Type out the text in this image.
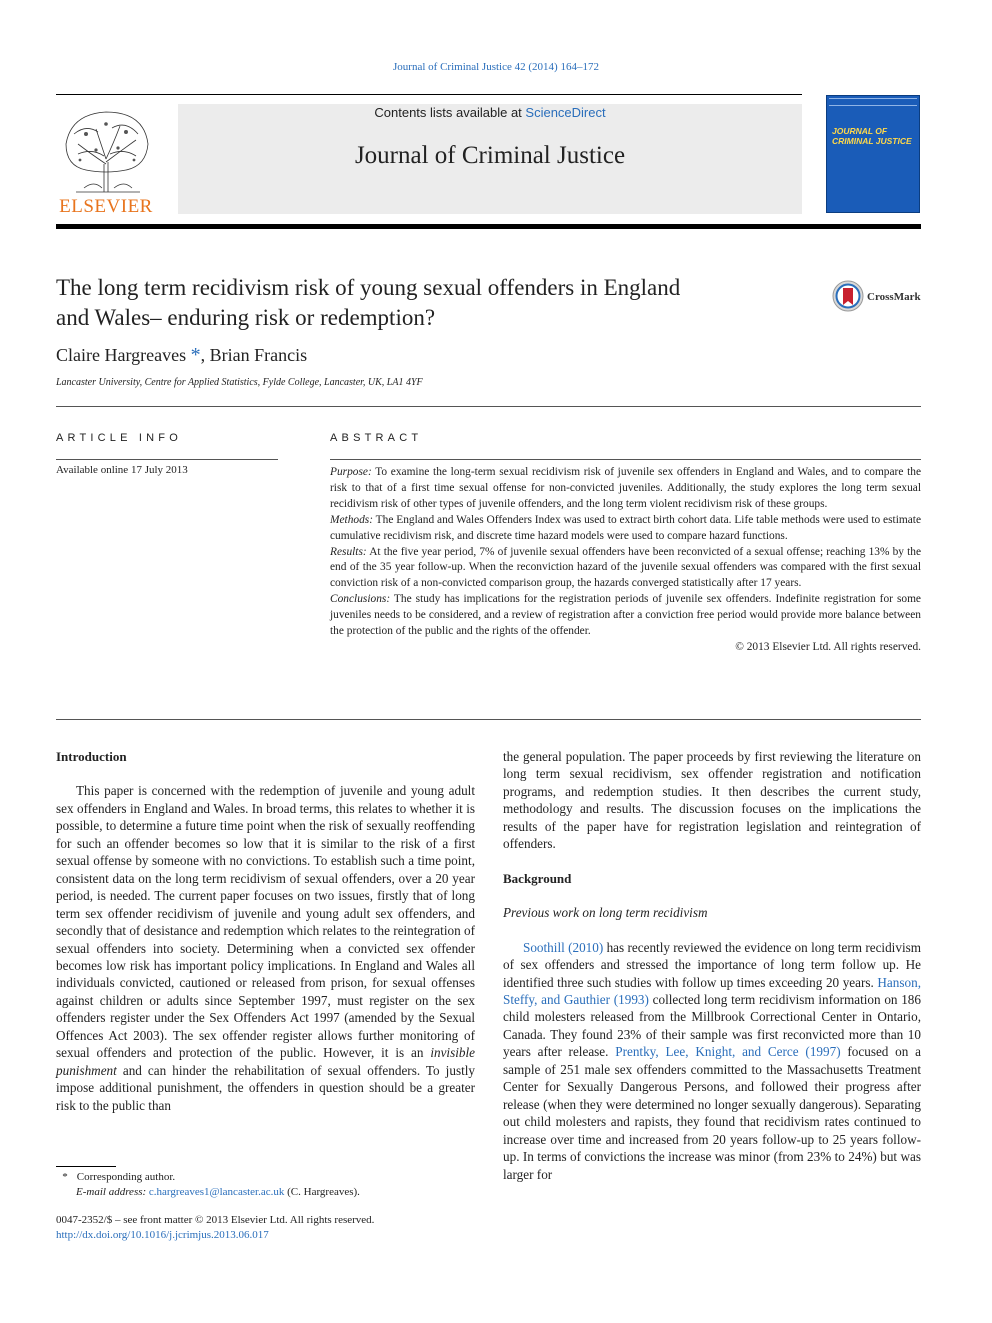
Journal of Criminal Justice 42 (2014) 164–172
ELSEVIER
Contents lists available at ScienceDirect
Journal of Criminal Justice
JOURNAL OF CRIMINAL JUSTICE
The long term recidivism risk of young sexual offenders in England
and Wales– enduring risk or redemption?
CrossMark
Claire Hargreaves *, Brian Francis
Lancaster University, Centre for Applied Statistics, Fylde College, Lancaster, UK, LA1 4YF
ARTICLE INFO	ABSTRACT
Available online 17 July 2013	Purpose: To examine the long-term sexual recidivism risk of juvenile sex offenders in England and Wales, and to compare the risk to that of a first time sexual offense for non-convicted juveniles. Additionally, the study explores the long term sexual recidivism risk of other types of juvenile offenders, and the long term violent recidivism risk of these groups.

Methods: The England and Wales Offenders Index was used to extract birth cohort data. Life table methods were used to estimate cumulative recidivism risk, and discrete time hazard models were used to compare hazard functions.

Results: At the five year period, 7% of juvenile sexual offenders have been reconvicted of a sexual offense; reaching 13% by the end of the 35 year follow-up. When the reconviction hazard of the juvenile sexual offenders was compared with the first sexual conviction risk of a non-convicted comparison group, the hazards converged statistically after 17 years.

Conclusions: The study has implications for the registration periods of juvenile sex offenders. Indefinite registration for some juveniles needs to be considered, and a review of registration after a conviction free period would provide more balance between the protection of the public and the rights of the offender.

© 2013 Elsevier Ltd. All rights reserved.

Introduction

This paper is concerned with the redemption of juvenile and young adult sex offenders in England and Wales. In broad terms, this relates to whether it is possible, to determine a future time point when the risk of sexually reoffending for such an offender becomes so low that it is similar to the risk of a first sexual offense by someone with no convictions. To establish such a time point, consistent data on the long term recidivism of sexual offenders, over a 20 year period, is needed. The current paper focuses on two issues, firstly that of long term sex offender recidivism of juvenile and young adult sex offenders, and secondly that of desistance and redemption which relates to the reintegration of sexual offenders into society. Determining when a convicted sex offender becomes low risk has important policy implications. In England and Wales all individuals convicted, cautioned or released from prison, for sexual offenses against children or adults since September 1997, must register on the sex offenders register under the Sex Offenders Act 1997 (amended by the Sexual Offences Act 2003). The sex offender register allows further monitoring of sexual offenders and protection of the public. However, it is an invisible punishment and can hinder the rehabilitation of sexual offenders. To justly impose additional punishment, the offenders in question should be a greater risk to the public than

the general population. The paper proceeds by first reviewing the literature on long term sexual recidivism, sex offender registration and notification programs, and redemption studies. It then describes the current study, methodology and results. The discussion focuses on the implications the results of the paper have for registration legislation and reintegration of offenders.

Background

Previous work on long term recidivism

Soothill (2010) has recently reviewed the evidence on long term recidivism of sex offenders and stressed the importance of long term follow up. He identified three such studies with follow up times exceeding 20 years. Hanson, Steffy, and Gauthier (1993) collected long term recidivism information on 186 child molesters released from the Millbrook Correctional Center in Ontario, Canada. They found 23% of their sample was first reconvicted more than 10 years after release. Prentky, Lee, Knight, and Cerce (1997) focused on a sample of 251 male sex offenders committed to the Massachusetts Treatment Center for Sexually Dangerous Persons, and followed their progress after release (when they were determined no longer sexually dangerous). Separating out child molesters and rapists, they found that recidivism rates continued to increase over time and increased from 20 years follow-up to 25 years follow-up. In terms of convictions the increase was minor (from 23% to 24%) but was larger for

* Corresponding author.
E-mail address: c.hargreaves1@lancaster.ac.uk (C. Hargreaves).
0047-2352/$ – see front matter © 2013 Elsevier Ltd. All rights reserved.
http://dx.doi.org/10.1016/j.jcrimjus.2013.06.017
